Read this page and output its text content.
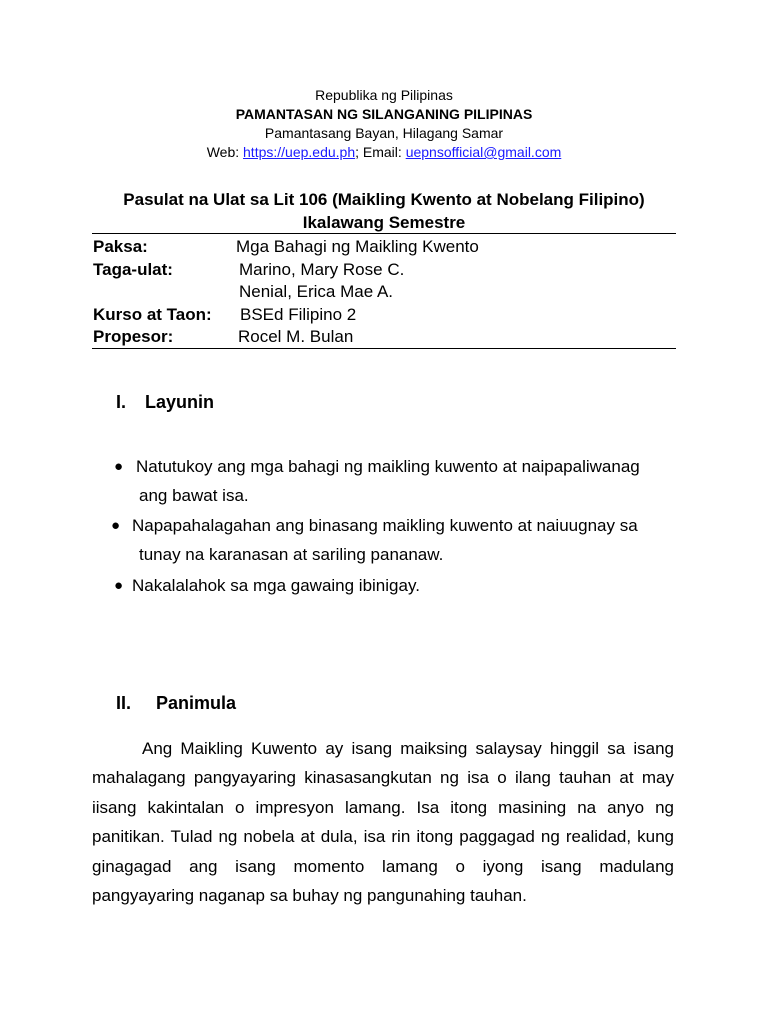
Republika ng Pilipinas
PAMANTASAN NG SILANGANING PILIPINAS
Pamantasang Bayan, Hilagang Samar
Web: https://uep.edu.ph; Email: uepnsofficial@gmail.com
Pasulat na Ulat sa Lit 106 (Maikling Kwento at Nobelang Filipino)
Ikalawang Semestre
Paksa:	Mga Bahagi ng Maikling Kwento
Taga-ulat:	Marino, Mary Rose C.
Nenial, Erica Mae A.
Kurso at Taon: BSEd Filipino 2
Propesor:	Rocel M. Bulan
I. Layunin
● Natutukoy ang mga bahagi ng maikling kuwento at naipapaliwanag
ang bawat isa.
● Napapahalagahan ang binasang maikling kuwento at naiuugnay sa
tunay na karanasan at sariling pananaw.
● Nakalalahok sa mga gawaing ibinigay.
II. Panimula

Ang Maikling Kuwento ay isang maiksing salaysay hinggil sa isang mahalagang pangyayaring kinasasangkutan ng isa o ilang tauhan at may iisang kakintalan o impresyon lamang. Isa itong masining na anyo ng panitikan. Tulad ng nobela at dula, isa rin itong paggagad ng realidad, kung ginagagad ang isang momento lamang o iyong isang madulang pangyayaring naganap sa buhay ng pangunahing tauhan.
